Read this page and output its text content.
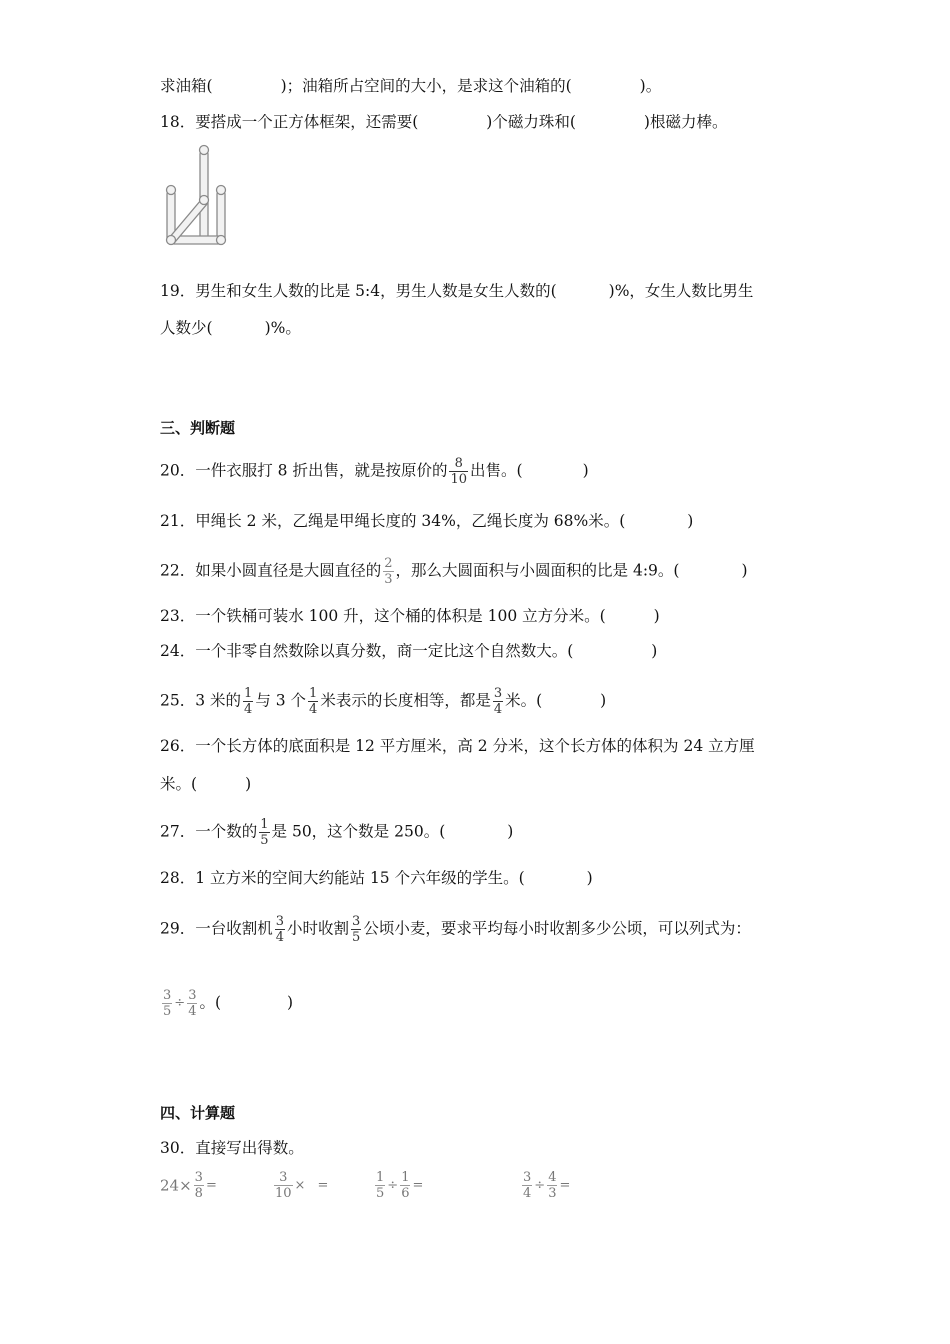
求油箱(	)；油箱所占空间的大小，是求这个油箱的(	)。
18．要搭成一个正方体框架，还需要(	)个磁力珠和(	)根磁力棒。
19．男生和女生人数的比是 5:4，男生人数是女生人数的(	)%，女生人数比男生
人数少(	)%。
三、判断题
20．一件衣服打 8 折出售，就是按原价的 $\frac{8}{10}$ 出售。(	)
21．甲绳长 2 米，乙绳是甲绳长度的 34%，乙绳长度为 68%米。(	)
22．如果小圆直径是大圆直径的 $\frac{2}{3}$ ，那么大圆面积与小圆面积的比是 4:9。(	)
23．一个铁桶可装水 100 升，这个桶的体积是 100 立方分米。(	)
24．一个非零自然数除以真分数，商一定比这个自然数大。(	)
25．3 米的 $\frac{1}{4}$ 与 3 个 $\frac{1}{4}$ 米表示的长度相等，都是 $\frac{3}{4}$ 米。(	)
26．一个长方体的底面积是 12 平方厘米，高 2 分米，这个长方体的体积为 24 立方厘
米。(	)
27．一个数的 $\frac{1}{5}$ 是 50，这个数是 250。(	)
28．1 立方米的空间大约能站 15 个六年级的学生。(	)
29．一台收割机 $\frac{3}{4}$ 小时收割 $\frac{3}{5}$ 公顷小麦，要求平均每小时收割多少公顷，可以列式为：
$\frac{3}{5} \div \frac{3}{4}$ 。(	)
四、计算题
30．直接写出得数。
$24\times \frac{3}{8}$ =	$\frac{3}{10}$ × =	$\frac{1}{5} \div \frac{1}{6}$ =	$\frac{3}{4} \div \frac{4}{3}$ =
